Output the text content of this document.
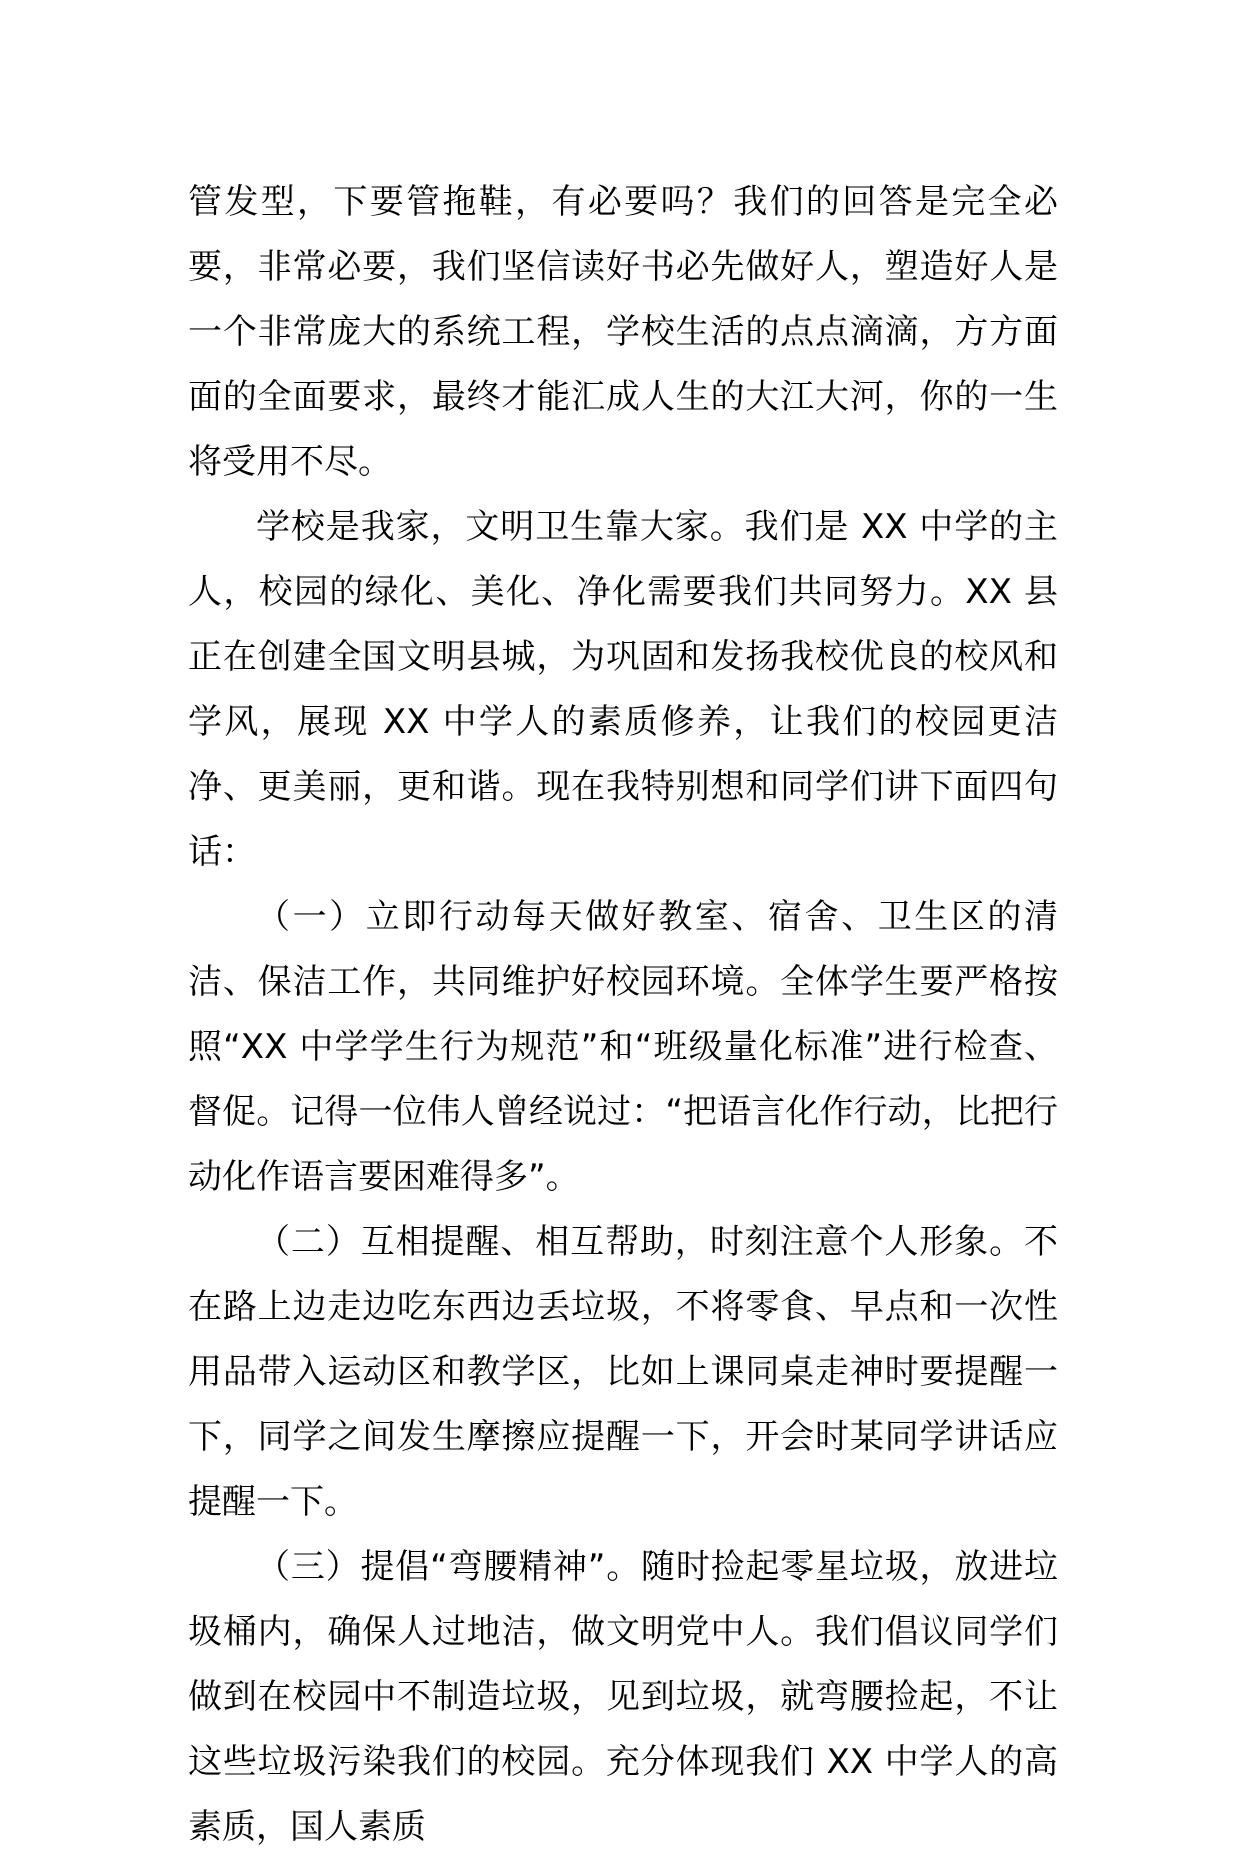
管发型，下要管拖鞋，有必要吗？我们的回答是完全必要，非常必要，我们坚信读好书必先做好人，塑造好人是一个非常庞大的系统工程，学校生活的点点滴滴，方方面面的全面要求，最终才能汇成人生的大江大河，你的一生将受用不尽。

学校是我家，文明卫生靠大家。我们是 XX 中学的主人，校园的绿化、美化、净化需要我们共同努力。XX 县正在创建全国文明县城，为巩固和发扬我校优良的校风和学风，展现 XX 中学人的素质修养，让我们的校园更洁净、更美丽，更和谐。现在我特别想和同学们讲下面四句话：

（一）立即行动每天做好教室、宿舍、卫生区的清洁、保洁工作，共同维护好校园环境。全体学生要严格按照“XX 中学学生行为规范”和“班级量化标准”进行检查、督促。记得一位伟人曾经说过：“把语言化作行动，比把行动化作语言要困难得多”。

（二）互相提醒、相互帮助，时刻注意个人形象。不在路上边走边吃东西边丢垃圾，不将零食、早点和一次性用品带入运动区和教学区，比如上课同桌走神时要提醒一下，同学之间发生摩擦应提醒一下，开会时某同学讲话应提醒一下。

（三）提倡“弯腰精神”。随时捡起零星垃圾，放进垃圾桶内，确保人过地洁，做文明党中人。我们倡议同学们做到在校园中不制造垃圾，见到垃圾，就弯腰捡起，不让这些垃圾污染我们的校园。充分体现我们 XX 中学人的高素质，国人素质
